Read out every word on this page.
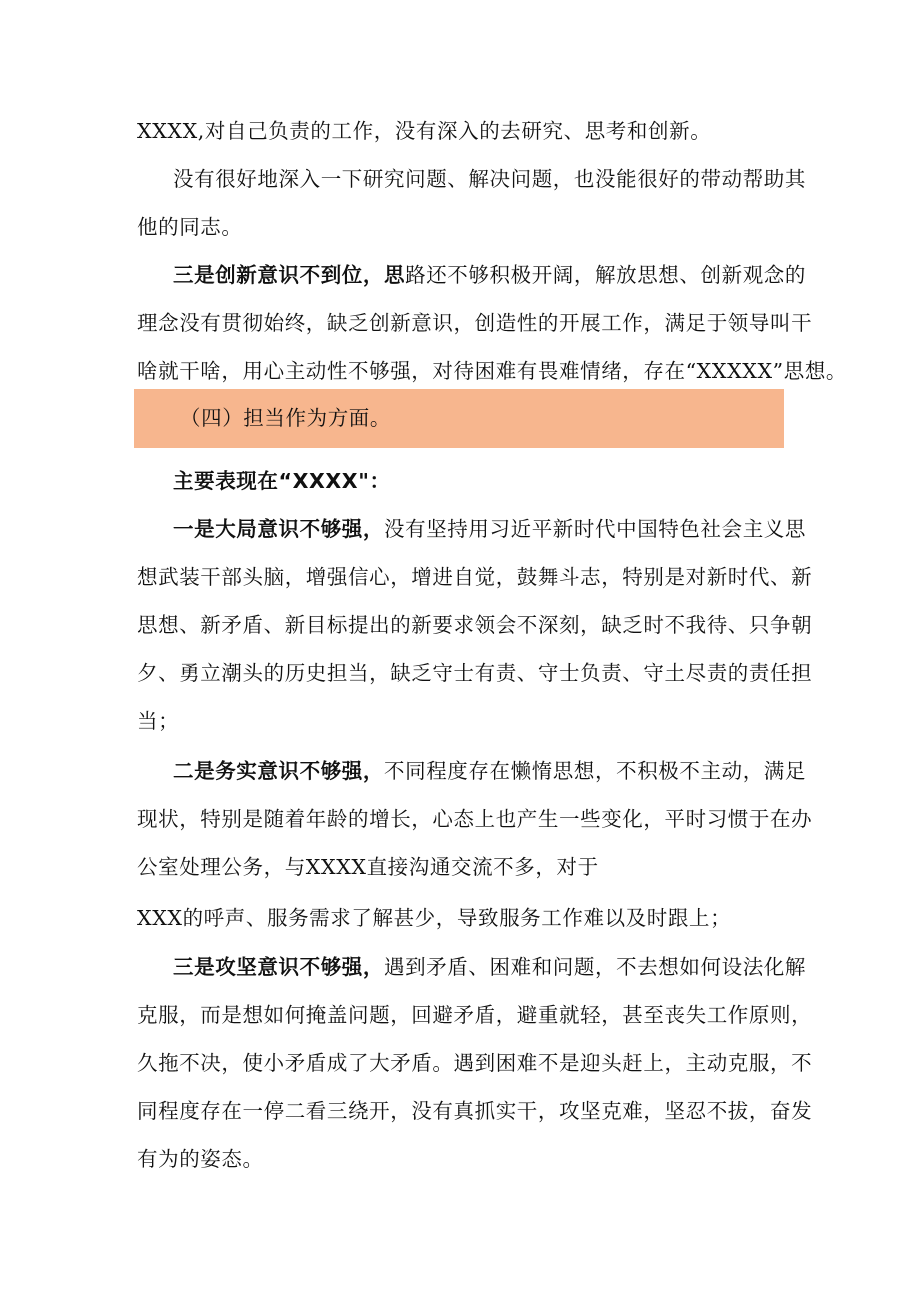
XXXX,对自己负责的工作，没有深入的去研究、思考和创新。
没有很好地深入一下研究问题、解决问题，也没能很好的带动帮助其
他的同志。
三是创新意识不到位，思路还不够积极开阔，解放思想、创新观念的
理念没有贯彻始终，缺乏创新意识，创造性的开展工作，满足于领导叫干
啥就干啥，用心主动性不够强，对待困难有畏难情绪，存在“XXXXX”思想。
（四）担当作为方面。
主要表现在“XXXX"：
一是大局意识不够强，没有坚持用习近平新时代中国特色社会主义思
想武装干部头脑，增强信心，增进自觉，鼓舞斗志，特别是对新时代、新
思想、新矛盾、新目标提出的新要求领会不深刻，缺乏时不我待、只争朝
夕、勇立潮头的历史担当，缺乏守士有责、守士负责、守土尽责的责任担
当；
二是务实意识不够强，不同程度存在懒惰思想，不积极不主动，满足
现状，特别是随着年龄的增长，心态上也产生一些变化，平时习惯于在办
公室处理公务，与XXXX直接沟通交流不多，对于
XXX的呼声、服务需求了解甚少，导致服务工作难以及时跟上；
三是攻坚意识不够强，遇到矛盾、困难和问题，不去想如何设法化解
克服，而是想如何掩盖问题，回避矛盾，避重就轻，甚至丧失工作原则，
久拖不决，使小矛盾成了大矛盾。遇到困难不是迎头赶上，主动克服，不
同程度存在一停二看三绕开，没有真抓实干，攻坚克难，坚忍不拔，奋发
有为的姿态。
